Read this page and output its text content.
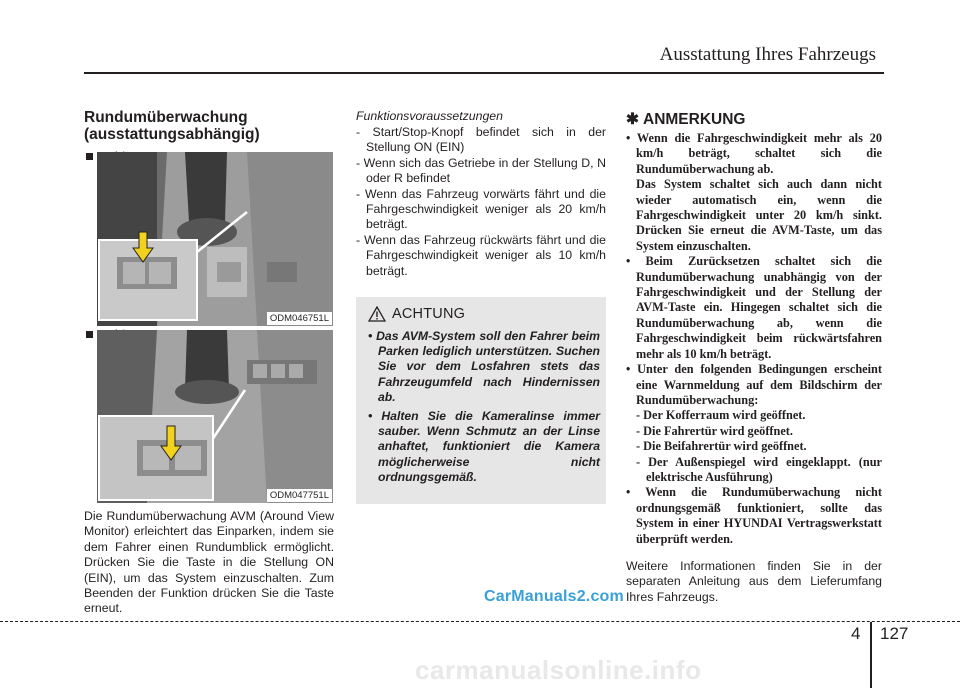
Ausstattung Ihres Fahrzeugs

Rundumüberwachung
(ausstattungsabhängig)

ODM046751L
ODM047751L

Die Rundumüberwachung AVM (Around View Monitor) erleichtert das Einparken, indem sie dem Fahrer einen Rundumblick ermöglicht. Drücken Sie die Taste in die Stellung ON (EIN), um das System einzuschalten. Zum Beenden der Funktion drücken Sie die Taste erneut.

Funktionsvoraussetzungen

- Start/Stop-Knopf befindet sich in der Stellung ON (EIN)
- Wenn sich das Getriebe in der Stellung D, N oder R befindet
- Wenn das Fahrzeug vorwärts fährt und die Fahrgeschwindigkeit weniger als 20 km/h beträgt.
- Wenn das Fahrzeug rückwärts fährt und die Fahrgeschwindigkeit weniger als 10 km/h beträgt.
ACHTUNG
• Das AVM-System soll den Fahrer beim Parken lediglich unterstützen. Suchen Sie vor dem Losfahren stets das Fahrzeugumfeld nach Hindernissen ab.
• Halten Sie die Kameralinse immer sauber. Wenn Schmutz an der Linse anhaftet, funktioniert die Kamera möglicherweise nicht ordnungsgemäß.

✱ ANMERKUNG

• Wenn die Fahrgeschwindigkeit mehr als 20 km/h beträgt, schaltet sich die Rundumüberwachung ab.
Das System schaltet sich auch dann nicht wieder automatisch ein, wenn die Fahrgeschwindigkeit unter 20 km/h sinkt. Drücken Sie erneut die AVM-Taste, um das System einzuschalten.
• Beim Zurücksetzen schaltet sich die Rundumüberwachung unabhängig von der Fahrgeschwindigkeit und der Stellung der AVM-Taste ein. Hingegen schaltet sich die Rundumüberwachung ab, wenn die Fahrgeschwindigkeit beim rückwärtsfahren mehr als 10 km/h beträgt.
• Unter den folgenden Bedingungen erscheint eine Warnmeldung auf dem Bildschirm der Rundumüberwachung:
- Der Kofferraum wird geöffnet.
- Die Fahrertür wird geöffnet.
- Die Beifahrertür wird geöffnet.
- Der Außenspiegel wird eingeklappt. (nur elektrische Ausführung)
• Wenn die Rundumüberwachung nicht ordnungsgemäß funktioniert, sollte das System in einer HYUNDAI Vertragswerkstatt überprüft werden.

Weitere Informationen finden Sie in der separaten Anleitung aus dem Lieferumfang Ihres Fahrzeugs.

4 127
CarManuals2.com
carmanualsonline.info
